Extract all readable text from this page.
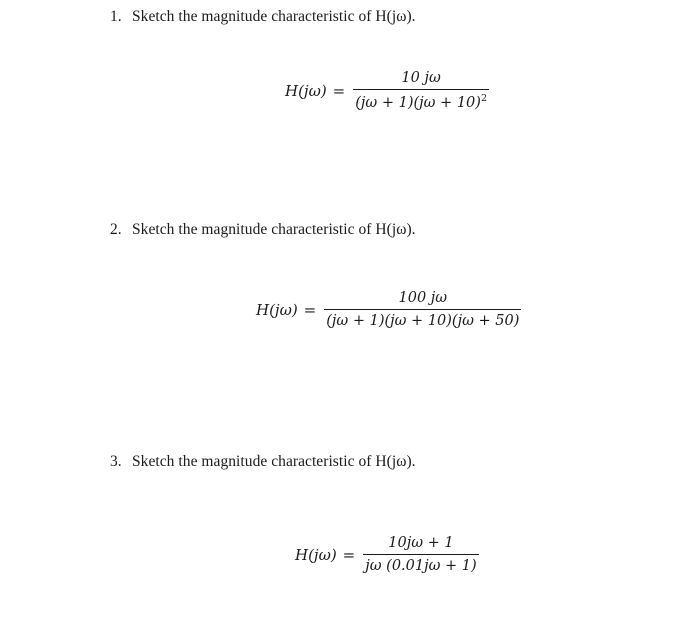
1. Sketch the magnitude characteristic of H(jω).
$H(j\omega) = \frac{10 j\omega}{(j\omega + 1)(j\omega + 10)^2}$
2. Sketch the magnitude characteristic of H(jω).
$H(j\omega) = \frac{100 j\omega}{(j\omega + 1)(j\omega + 10)(j\omega + 50)}$
3. Sketch the magnitude characteristic of H(jω).
$H(j\omega) = \frac{10j\omega + 1}{j\omega (0.01j\omega + 1)}$
